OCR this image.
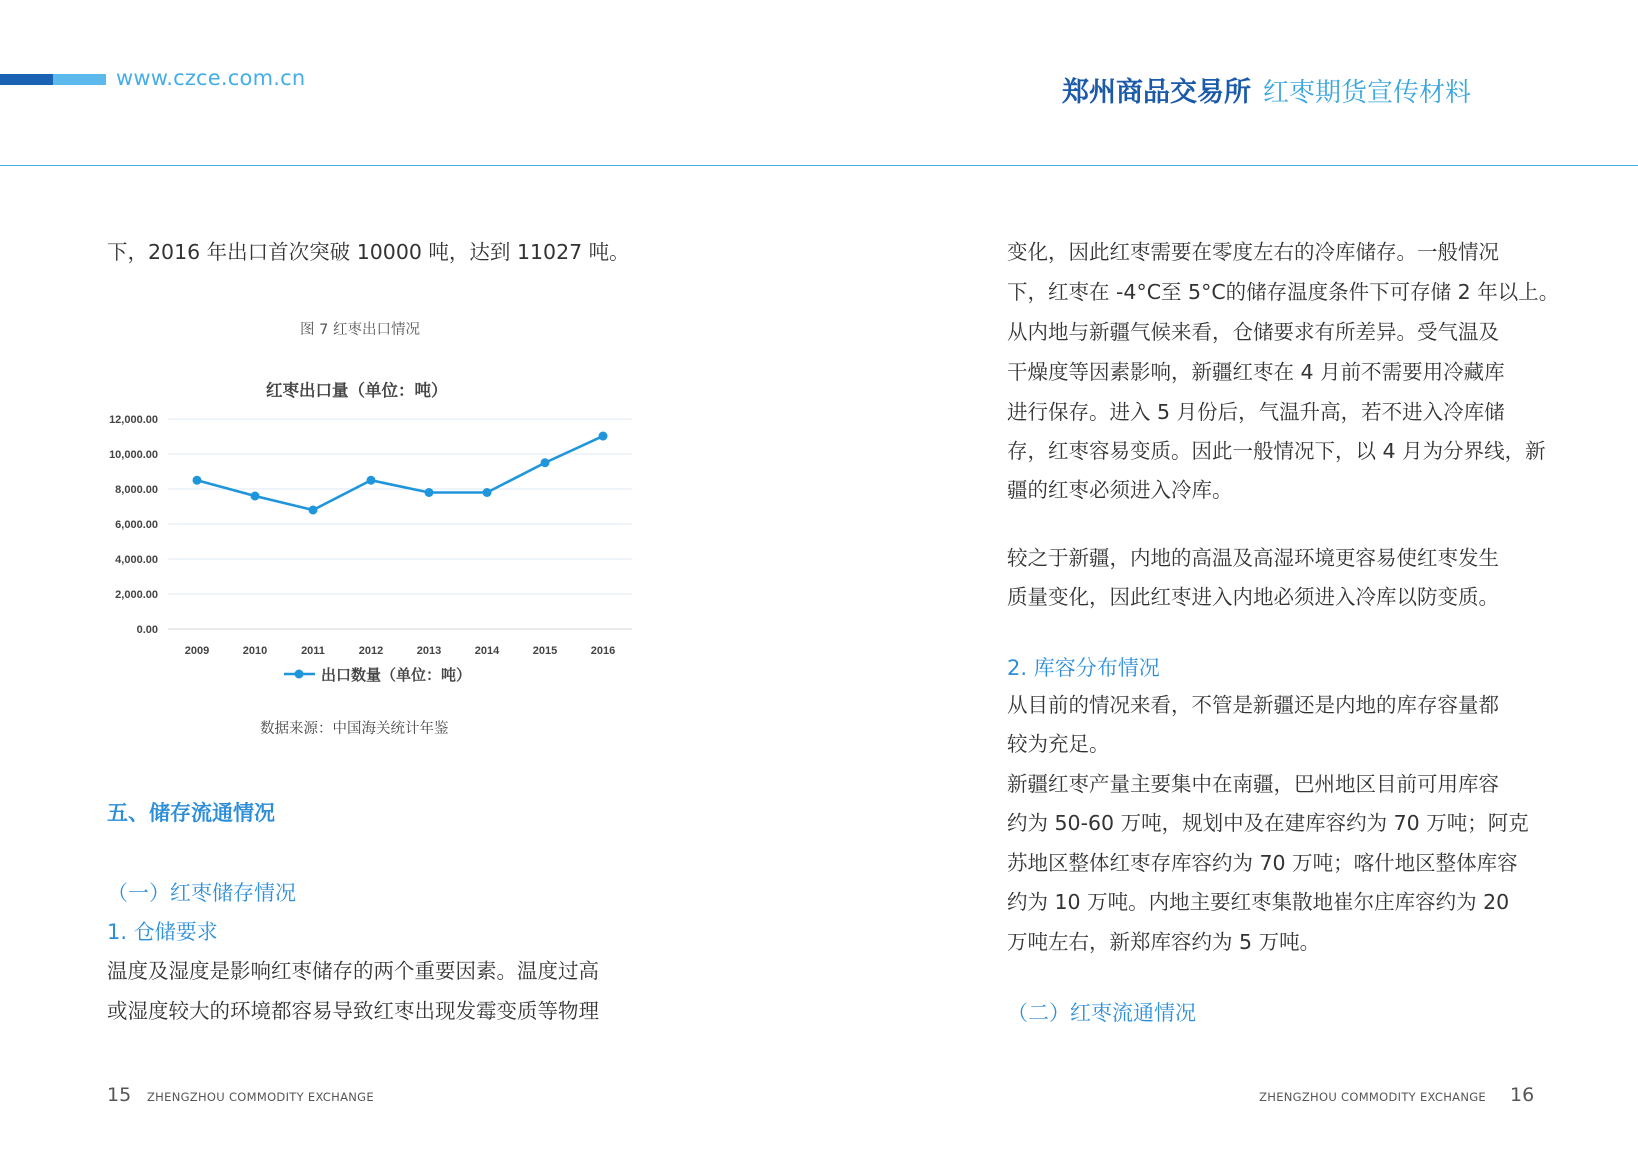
www.czce.com.cn	郑州商品交易所 红枣期货宣传材料
下，2016 年出口首次突破 10000 吨，达到 11027 吨。
图 7 红枣出口情况
红枣出口量（单位：吨）
0.00
2,000.00
4,000.00
6,000.00
8,000.00
10,000.00
12,000.00
2009	2010	2011	2012	2013	2014	2015	2016
出口数量（单位：吨）
数据来源：中国海关统计年鉴
五、储存流通情况
（一）红枣储存情况
1. 仓储要求
温度及湿度是影响红枣储存的两个重要因素。温度过高
或湿度较大的环境都容易导致红枣出现发霉变质等物理
变化，因此红枣需要在零度左右的冷库储存。一般情况
下，红枣在 -4°C至 5°C的储存温度条件下可存储 2 年以上。
从内地与新疆气候来看，仓储要求有所差异。受气温及
干燥度等因素影响，新疆红枣在 4 月前不需要用冷藏库
进行保存。进入 5 月份后，气温升高，若不进入冷库储
存，红枣容易变质。因此一般情况下，以 4 月为分界线，新
疆的红枣必须进入冷库。
较之于新疆，内地的高温及高湿环境更容易使红枣发生
质量变化，因此红枣进入内地必须进入冷库以防变质。
2. 库容分布情况
从目前的情况来看，不管是新疆还是内地的库存容量都
较为充足。
新疆红枣产量主要集中在南疆，巴州地区目前可用库容
约为 50-60 万吨，规划中及在建库容约为 70 万吨；阿克
苏地区整体红枣存库容约为 70 万吨；喀什地区整体库容
约为 10 万吨。内地主要红枣集散地崔尔庄库容约为 20
万吨左右，新郑库容约为 5 万吨。
（二）红枣流通情况
15 ZHENGZHOU COMMODITY EXCHANGE	ZHENGZHOU COMMODITY EXCHANGE 16
